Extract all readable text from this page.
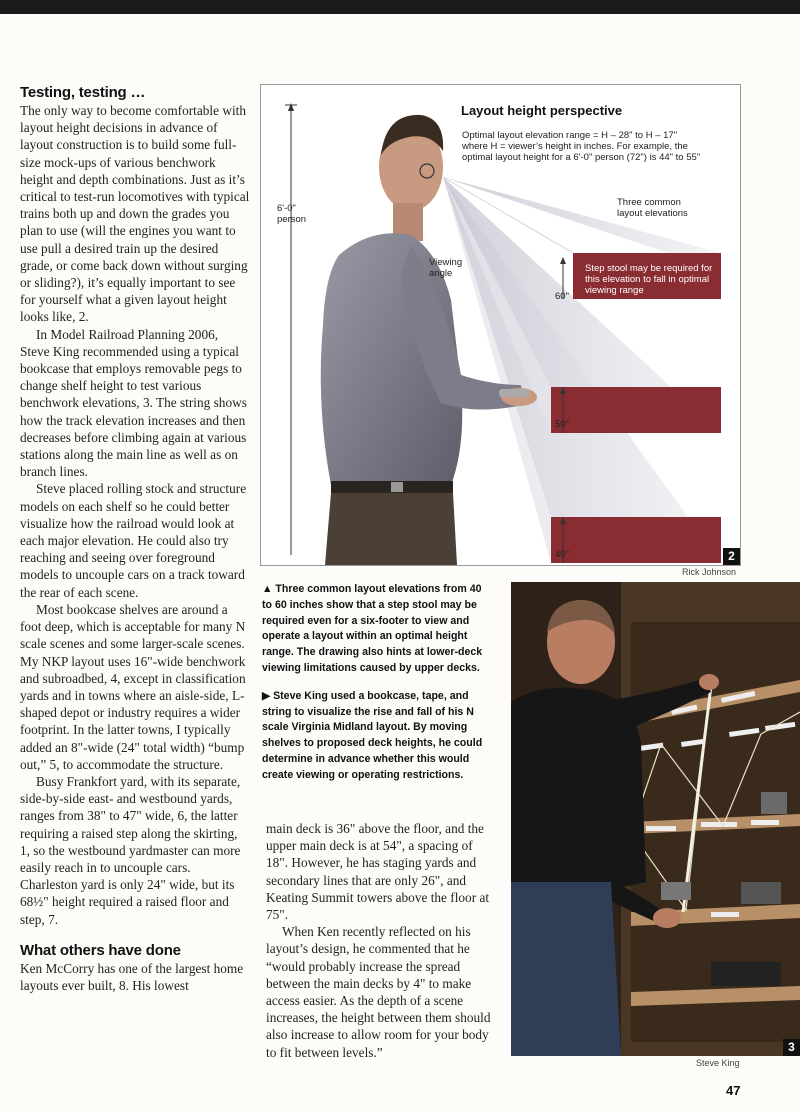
Testing, testing …

The only way to become comfortable with layout height decisions in advance of layout construction is to build some full-size mock-ups of various benchwork height and depth combinations. Just as it’s critical to test-run locomotives with typical trains both up and down the grades you plan to use (will the engines you want to use pull a desired train up the desired grade, or come back down without surging or sliding?), it’s equally important to see for yourself what a given layout height looks like, 2.

In Model Railroad Planning 2006, Steve King recommended using a typical bookcase that employs removable pegs to change shelf height to test various benchwork elevations, 3. The string shows how the track elevation increases and then decreases before climbing again at various stations along the main line as well as on branch lines.

Steve placed rolling stock and structure models on each shelf so he could better visualize how the railroad would look at each major elevation. He could also try reaching and seeing over foreground models to uncouple cars on a track toward the rear of each scene.

Most bookcase shelves are around a foot deep, which is acceptable for many N scale scenes and some larger-scale scenes. My NKP layout uses 16"-wide benchwork and subroadbed, 4, except in classification yards and in towns where an aisle-side, L-shaped depot or industry requires a wider footprint. In the latter towns, I typically added an 8"-wide (24" total width) “bump out,” 5, to accommodate the structure.

Busy Frankfort yard, with its separate, side-by-side east- and westbound yards, ranges from 38" to 47" wide, 6, the latter requiring a raised step along the skirting, 1, so the westbound yardmaster can more easily reach in to uncouple cars. Charleston yard is only 24" wide, but its 68½" height required a raised floor and step, 7.

What others have done

Ken McCorry has one of the largest home layouts ever built, 8. His lowest

Layout height perspective
Optimal layout elevation range = H – 28" to H – 17" where H = viewer’s height in inches. For example, the optimal layout height for a 6'-0" person (72") is 44" to 55"
6'-0" person
Viewing angle
Three common layout elevations
Step stool may be required for this elevation to fall in optimal viewing range
60"
50"
40"	2
Rick Johnson

▲ Three common layout elevations from 40 to 60 inches show that a step stool may be required even for a six-footer to view and operate a layout within an optimal height range. The drawing also hints at lower-deck viewing limitations caused by upper decks.

▶ Steve King used a bookcase, tape, and string to visualize the rise and fall of his N scale Virginia Midland layout. By moving shelves to proposed deck heights, he could determine in advance whether this would create viewing or operating restrictions.

main deck is 36" above the floor, and the upper main deck is at 54", a spacing of 18". However, he has staging yards and secondary lines that are only 26", and Keating Summit towers above the floor at 75".

When Ken recently reflected on his layout’s design, he commented that he “would probably increase the spread between the main decks by 4" to make access easier. As the depth of a scene increases, the height between them should also increase to allow room for your body to fit between levels.”	3
Steve King
47
